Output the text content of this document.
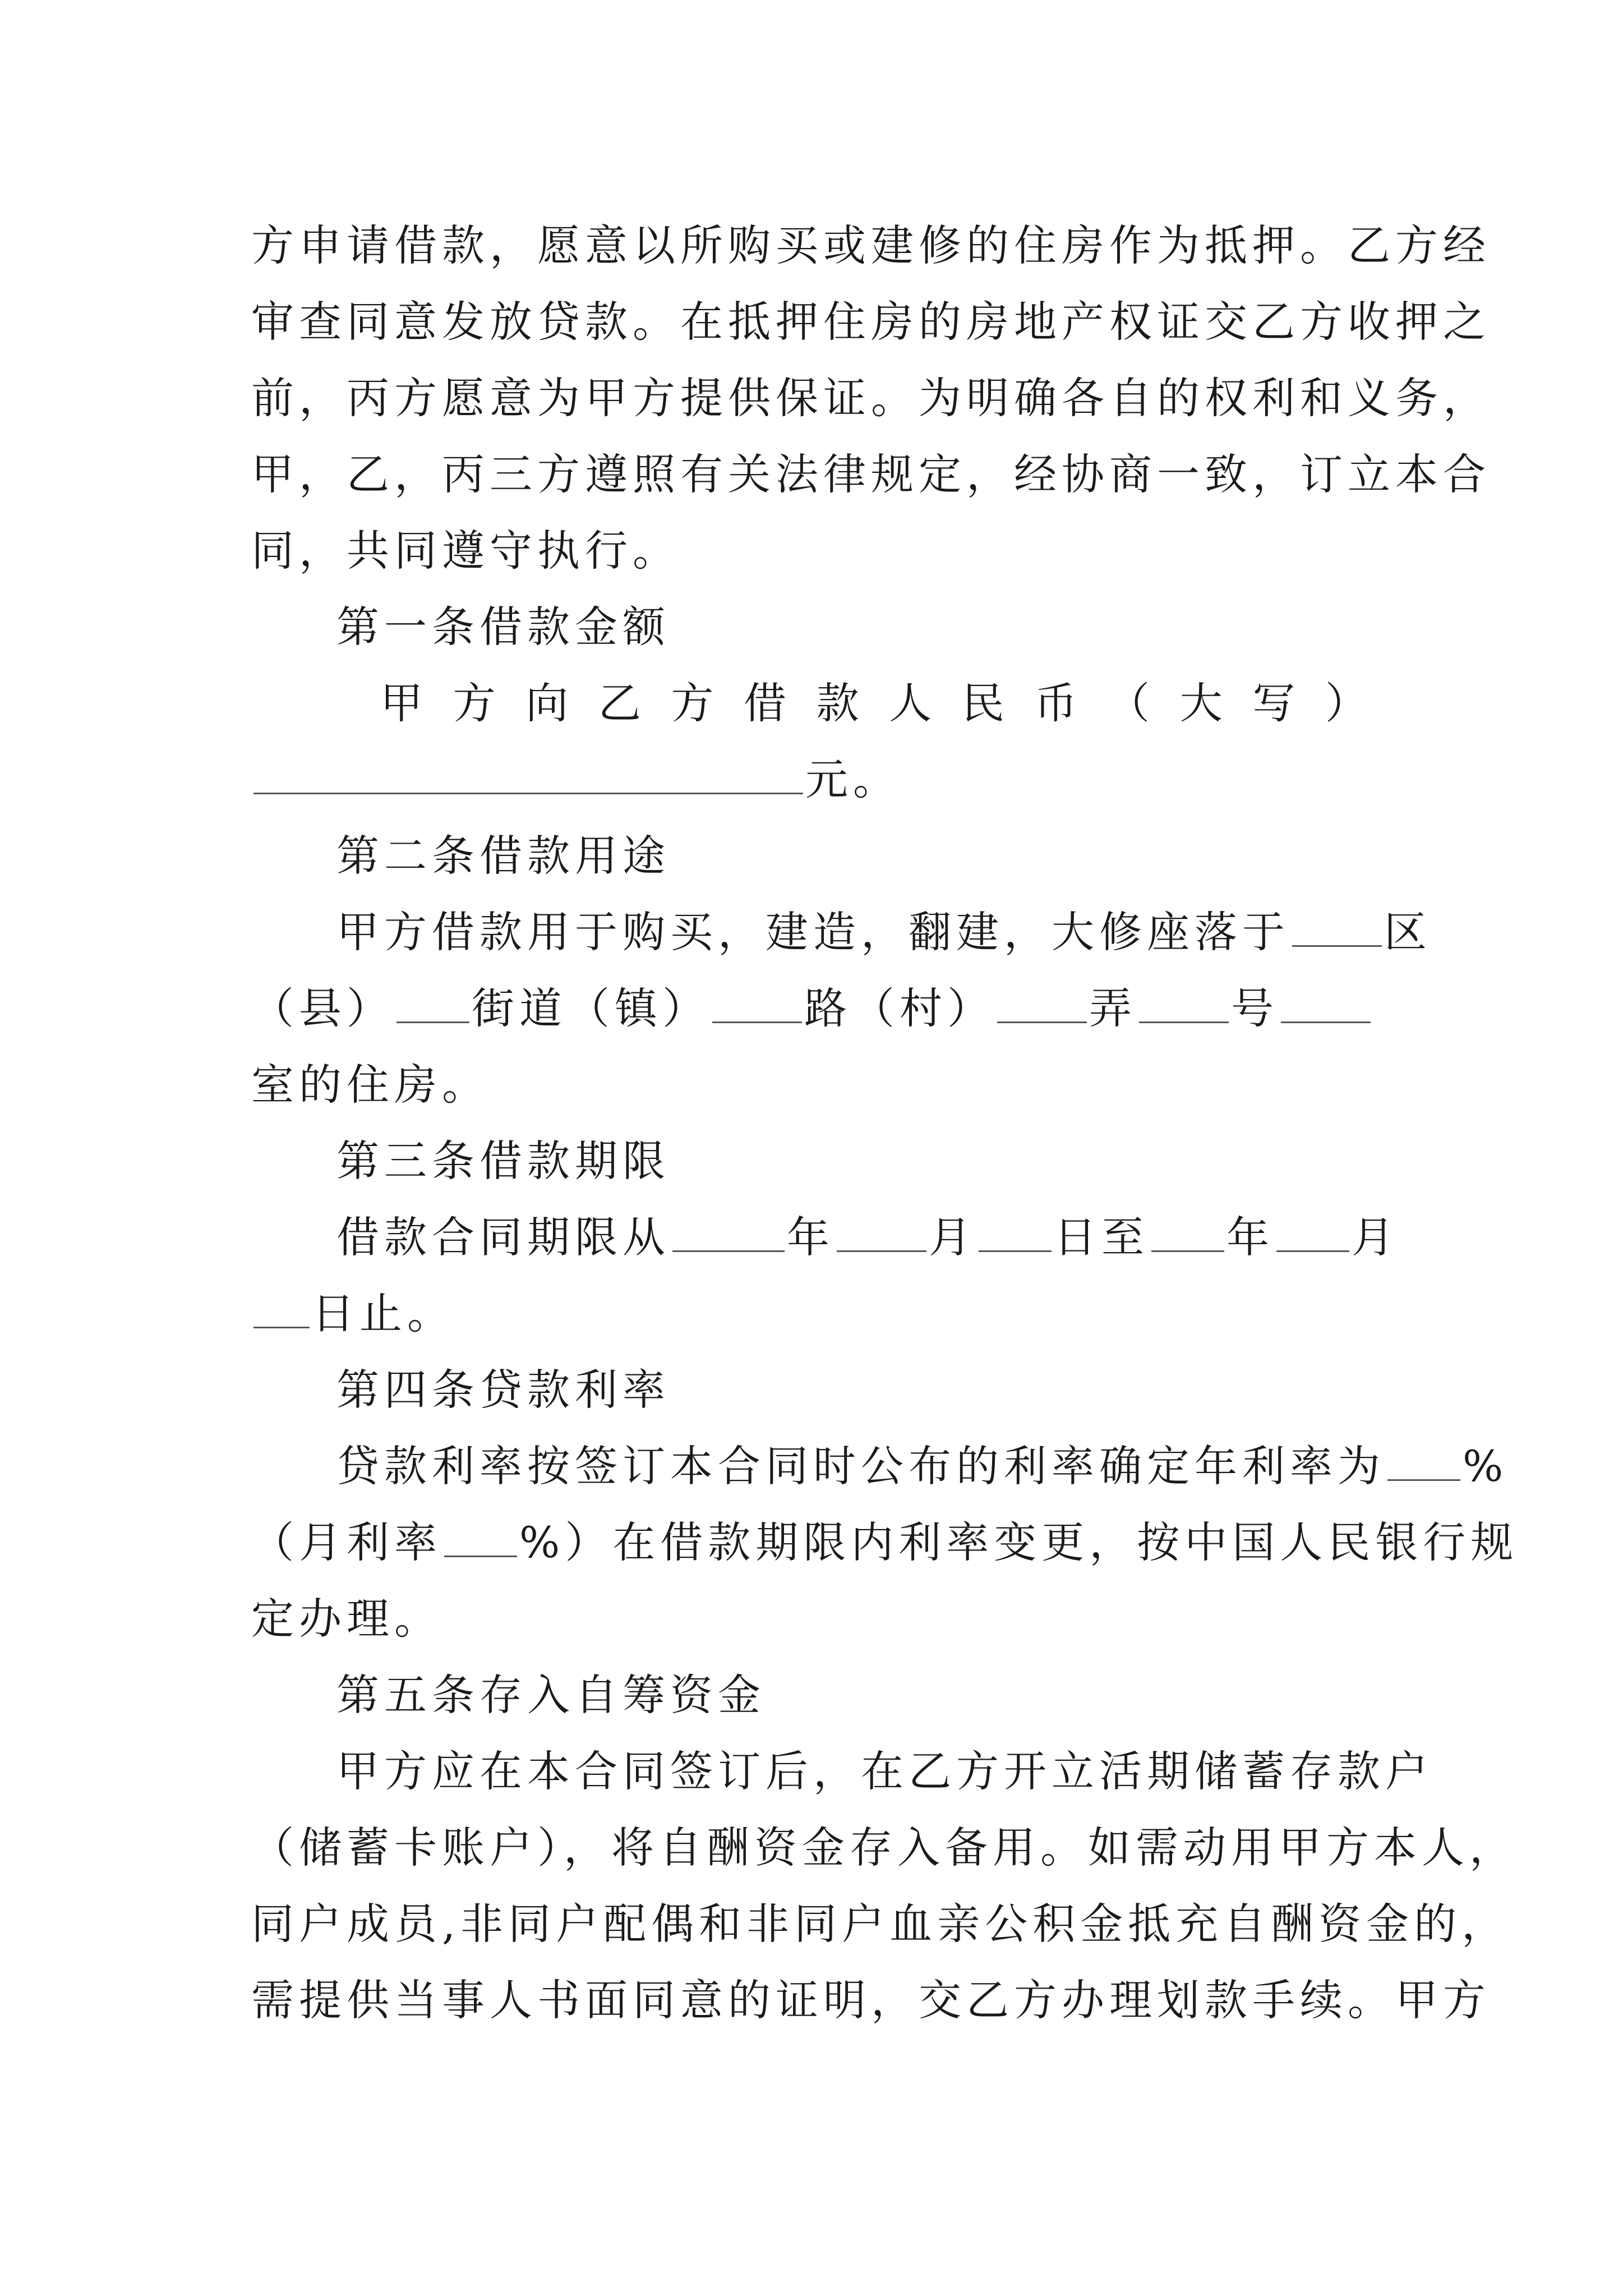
方申请借款，愿意以所购买或建修的住房作为抵押。乙方经
审查同意发放贷款。在抵押住房的房地产权证交乙方收押之
前，丙方愿意为甲方提供保证。为明确各自的权利和义务，
甲，乙，丙三方遵照有关法律规定，经协商一致，订立本合
同，共同遵守执行。
第一条借款金额
甲 方 向 乙 方 借 款 人 民 币 （ 大 写 ）
元。
第二条借款用途
甲方借款用于购买，建造，翻建，大修座落于 区
（县） 街道（镇） 路（村） 弄 号
室的住房。
第三条借款期限
借款合同期限从	年 月 日至 年 月
日止。
第四条贷款利率
贷款利率按签订本合同时公布的利率确定年利率为 %
（月利率 %）在借款期限内利率变更，按中国人民银行规
定办理。
第五条存入自筹资金
甲方应在本合同签订后，在乙方开立活期储蓄存款户
（储蓄卡账户），将自酬资金存入备用。如需动用甲方本人，
同户成员,非同户配偶和非同户血亲公积金抵充自酬资金的，
需提供当事人书面同意的证明，交乙方办理划款手续。甲方
